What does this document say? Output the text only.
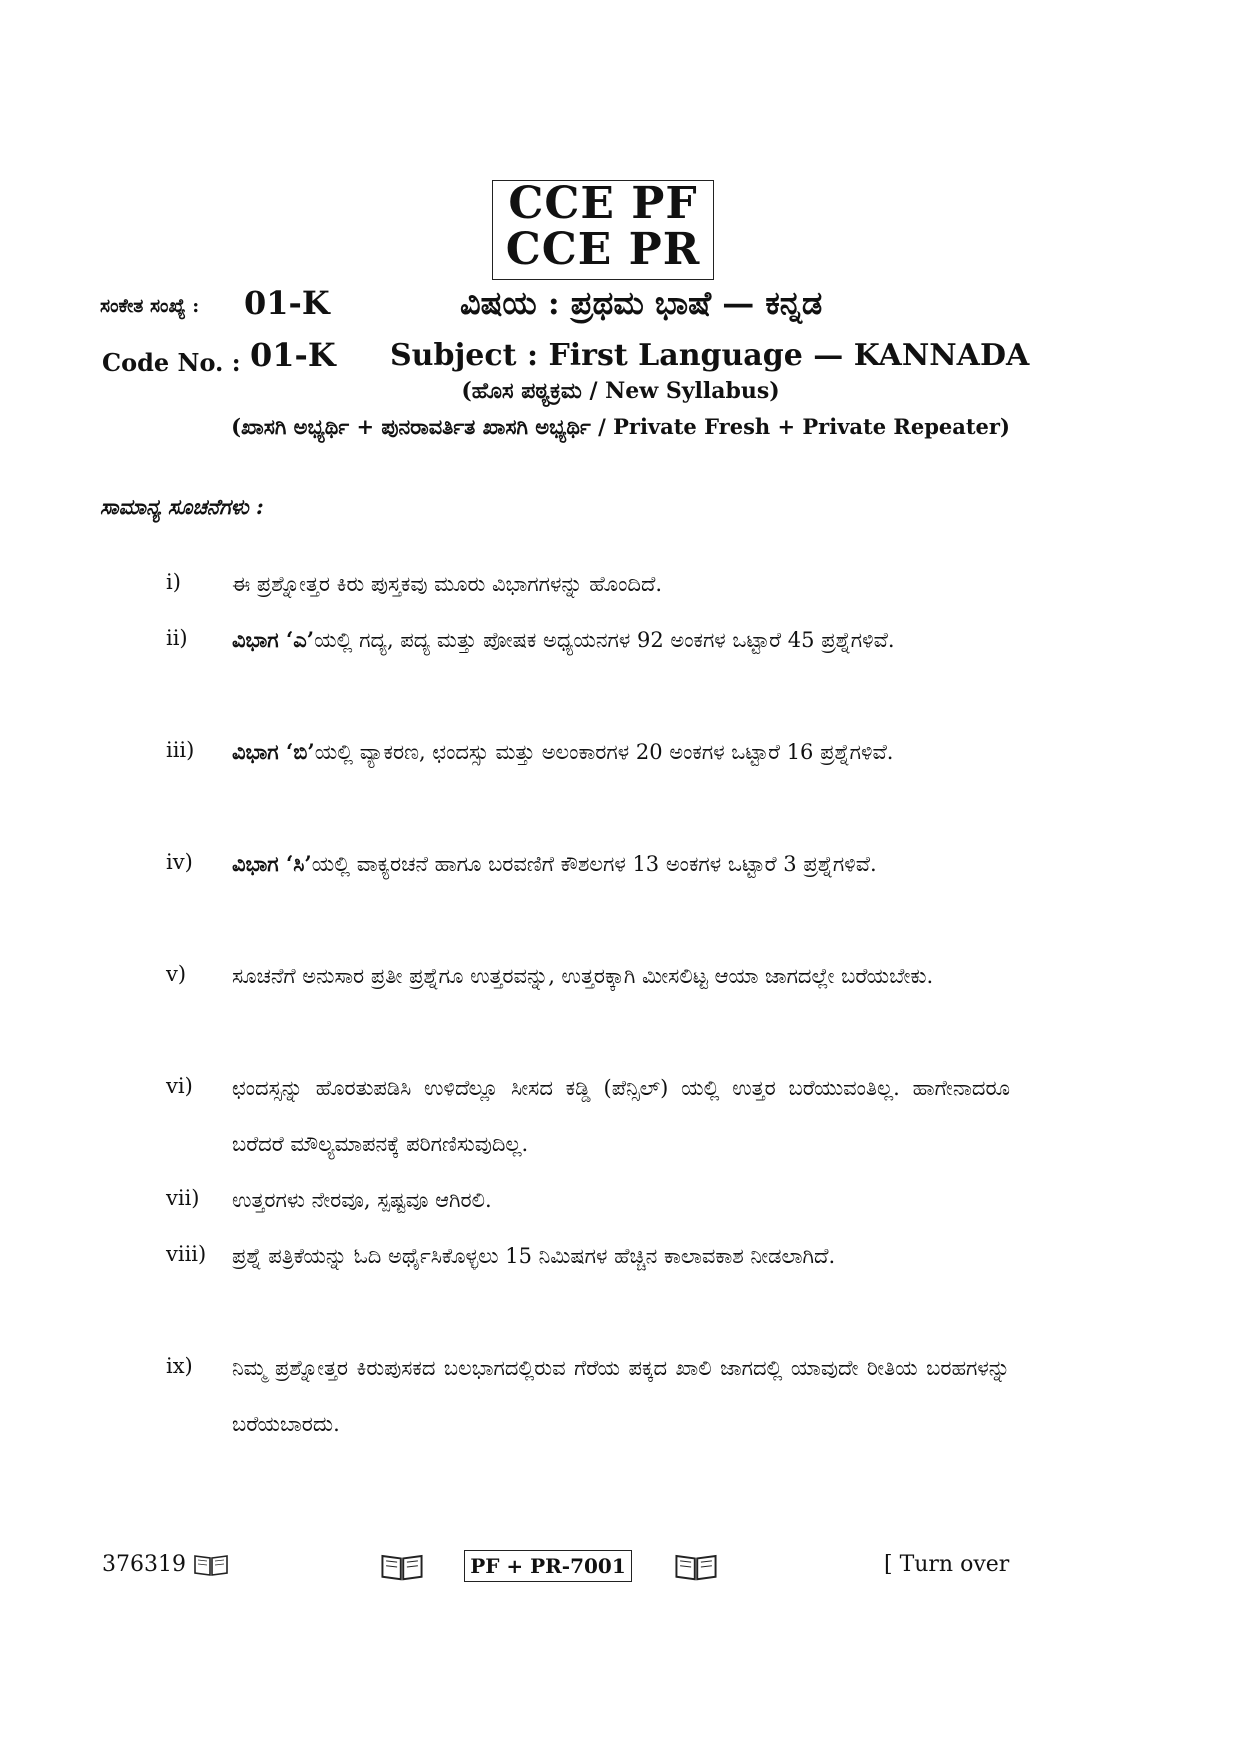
CCE PF
CCE PR
ಸಂಕೇತ ಸಂಖ್ಯೆ : 01-K	ವಿಷಯ : ಪ್ರಥಮ ಭಾಷೆ — ಕನ್ನಡ
Code No. : 01-K Subject : First Language — KANNADA
(ಹೊಸ ಪಠ್ಯಕ್ರಮ / New Syllabus)
(ಖಾಸಗಿ ಅಭ್ಯರ್ಥಿ + ಪುನರಾವರ್ತಿತ ಖಾಸಗಿ ಅಭ್ಯರ್ಥಿ / Private Fresh + Private Repeater)
ಸಾಮಾನ್ಯ ಸೂಚನೆಗಳು :
i) ಈ ಪ್ರಶ್ನೋತ್ತರ ಕಿರು ಪುಸ್ತಕವು ಮೂರು ವಿಭಾಗಗಳನ್ನು ಹೊಂದಿದೆ.
ii) ವಿಭಾಗ ‘ಎ’ಯಲ್ಲಿ ಗದ್ಯ, ಪದ್ಯ ಮತ್ತು ಪೋಷಕ ಅಧ್ಯಯನಗಳ 92 ಅಂಕಗಳ ಒಟ್ಟಾರೆ 45 ಪ್ರಶ್ನೆಗಳಿವೆ.
iii) ವಿಭಾಗ ‘ಬಿ’ಯಲ್ಲಿ ವ್ಯಾಕರಣ, ಛಂದಸ್ಸು ಮತ್ತು ಅಲಂಕಾರಗಳ 20 ಅಂಕಗಳ ಒಟ್ಟಾರೆ 16 ಪ್ರಶ್ನೆಗಳಿವೆ.
iv) ವಿಭಾಗ ‘ಸಿ’ಯಲ್ಲಿ ವಾಕ್ಯರಚನೆ ಹಾಗೂ ಬರವಣಿಗೆ ಕೌಶಲಗಳ 13 ಅಂಕಗಳ ಒಟ್ಟಾರೆ 3 ಪ್ರಶ್ನೆಗಳಿವೆ.
v) ಸೂಚನೆಗೆ ಅನುಸಾರ ಪ್ರತೀ ಪ್ರಶ್ನೆಗೂ ಉತ್ತರವನ್ನು, ಉತ್ತರಕ್ಕಾಗಿ ಮೀಸಲಿಟ್ಟ ಆಯಾ ಜಾಗದಲ್ಲೇ ಬರೆಯಬೇಕು.
vi) ಛಂದಸ್ಸನ್ನು ಹೊರತುಪಡಿಸಿ ಉಳಿದೆಲ್ಲೂ ಸೀಸದ ಕಡ್ಡಿ (ಪೆನ್ಸಿಲ್) ಯಲ್ಲಿ ಉತ್ತರ ಬರೆಯುವಂತಿಲ್ಲ. ಹಾಗೇನಾದರೂ ಬರೆದರೆ ಮೌಲ್ಯಮಾಪನಕ್ಕೆ ಪರಿಗಣಿಸುವುದಿಲ್ಲ.
vii) ಉತ್ತರಗಳು ನೇರವೂ, ಸ್ಪಷ್ಟವೂ ಆಗಿರಲಿ.
viii) ಪ್ರಶ್ನೆ ಪತ್ರಿಕೆಯನ್ನು ಓದಿ ಅರ್ಥೈಸಿಕೊಳ್ಳಲು 15 ನಿಮಿಷಗಳ ಹೆಚ್ಚಿನ ಕಾಲಾವಕಾಶ ನೀಡಲಾಗಿದೆ.
ix) ನಿಮ್ಮ ಪ್ರಶ್ನೋತ್ತರ ಕಿರುಪುಸಕದ ಬಲಭಾಗದಲ್ಲಿರುವ ಗೆರೆಯ ಪಕ್ಕದ ಖಾಲಿ ಜಾಗದಲ್ಲಿ ಯಾವುದೇ ರೀತಿಯ ಬರಹಗಳನ್ನು ಬರೆಯಬಾರದು.
376319	PF + PR-7001	[ Turn over
